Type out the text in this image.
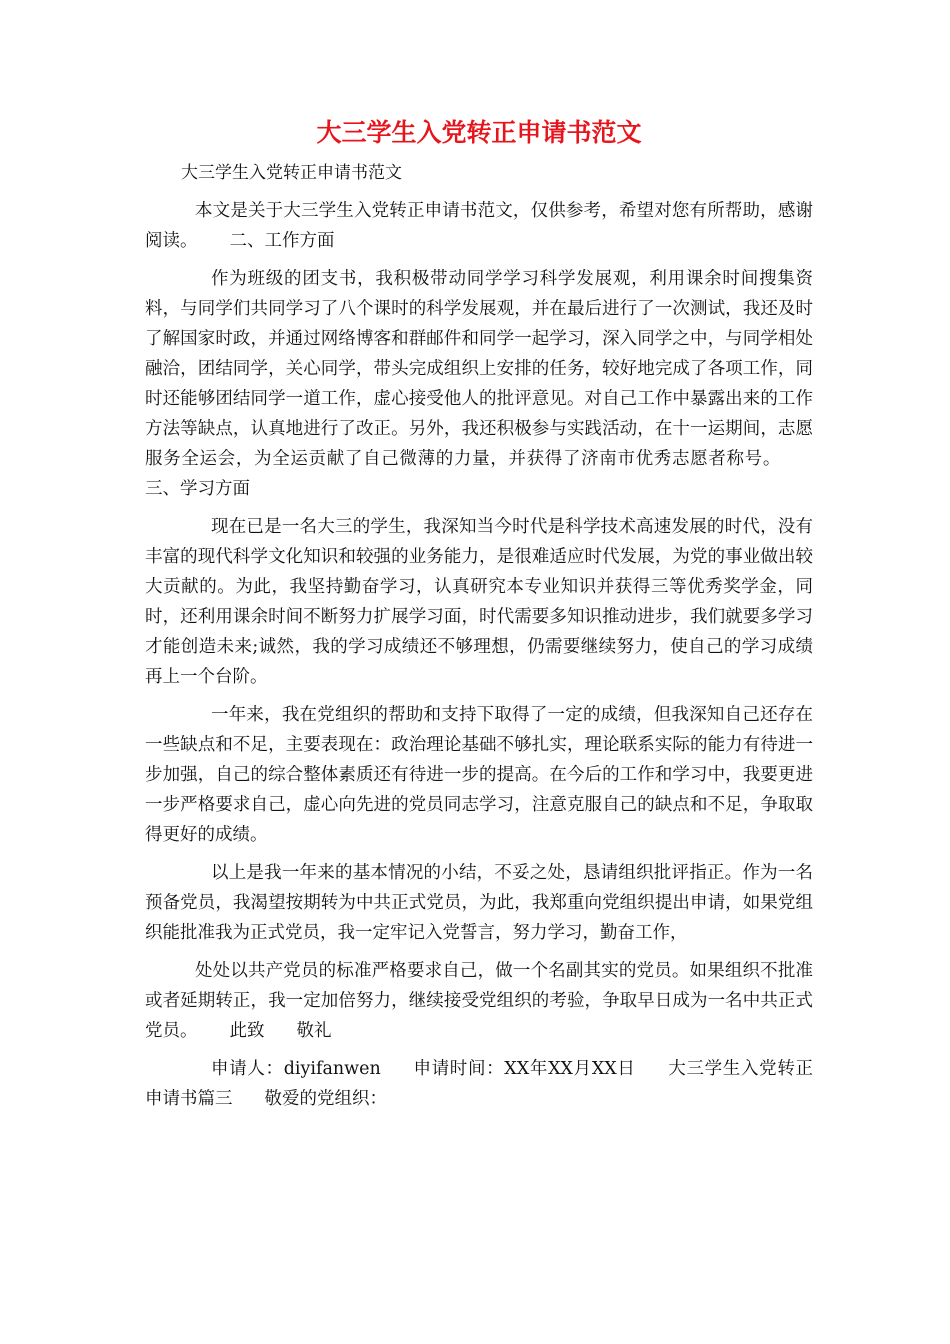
大三学生入党转正申请书范文
大三学生入党转正申请书范文

本文是关于大三学生入党转正申请书范文，仅供参考，希望对您有所帮助，感谢阅读。 二、工作方面

作为班级的团支书，我积极带动同学学习科学发展观，利用课余时间搜集资料，与同学们共同学习了八个课时的科学发展观，并在最后进行了一次测试，我还及时了解国家时政，并通过网络博客和群邮件和同学一起学习，深入同学之中，与同学相处融洽，团结同学，关心同学，带头完成组织上安排的任务，较好地完成了各项工作，同时还能够团结同学一道工作，虚心接受他人的批评意见。对自己工作中暴露出来的工作方法等缺点，认真地进行了改正。另外，我还积极参与实践活动，在十一运期间，志愿服务全运会，为全运贡献了自己微薄的力量，并获得了济南市优秀志愿者称号。三、学习方面

现在已是一名大三的学生，我深知当今时代是科学技术高速发展的时代，没有丰富的现代科学文化知识和较强的业务能力，是很难适应时代发展，为党的事业做出较大贡献的。为此，我坚持勤奋学习，认真研究本专业知识并获得三等优秀奖学金，同时，还利用课余时间不断努力扩展学习面，时代需要多知识推动进步，我们就要多学习才能创造未来;诚然，我的学习成绩还不够理想，仍需要继续努力，使自己的学习成绩再上一个台阶。

一年来，我在党组织的帮助和支持下取得了一定的成绩，但我深知自己还存在一些缺点和不足，主要表现在：政治理论基础不够扎实，理论联系实际的能力有待进一步加强，自己的综合整体素质还有待进一步的提高。在今后的工作和学习中，我要更进一步严格要求自己，虚心向先进的党员同志学习，注意克服自己的缺点和不足，争取取得更好的成绩。

以上是我一年来的基本情况的小结，不妥之处，恳请组织批评指正。作为一名预备党员，我渴望按期转为中共正式党员，为此，我郑重向党组织提出申请，如果党组织能批准我为正式党员，我一定牢记入党誓言，努力学习，勤奋工作，

处处以共产党员的标准严格要求自己，做一个名副其实的党员。如果组织不批准或者延期转正，我一定加倍努力，继续接受党组织的考验，争取早日成为一名中共正式党员。 此致 敬礼

申请人：diyifanwen 申请时间：XX年XX月XX日 大三学生入党转正申请书篇三 敬爱的党组织：
